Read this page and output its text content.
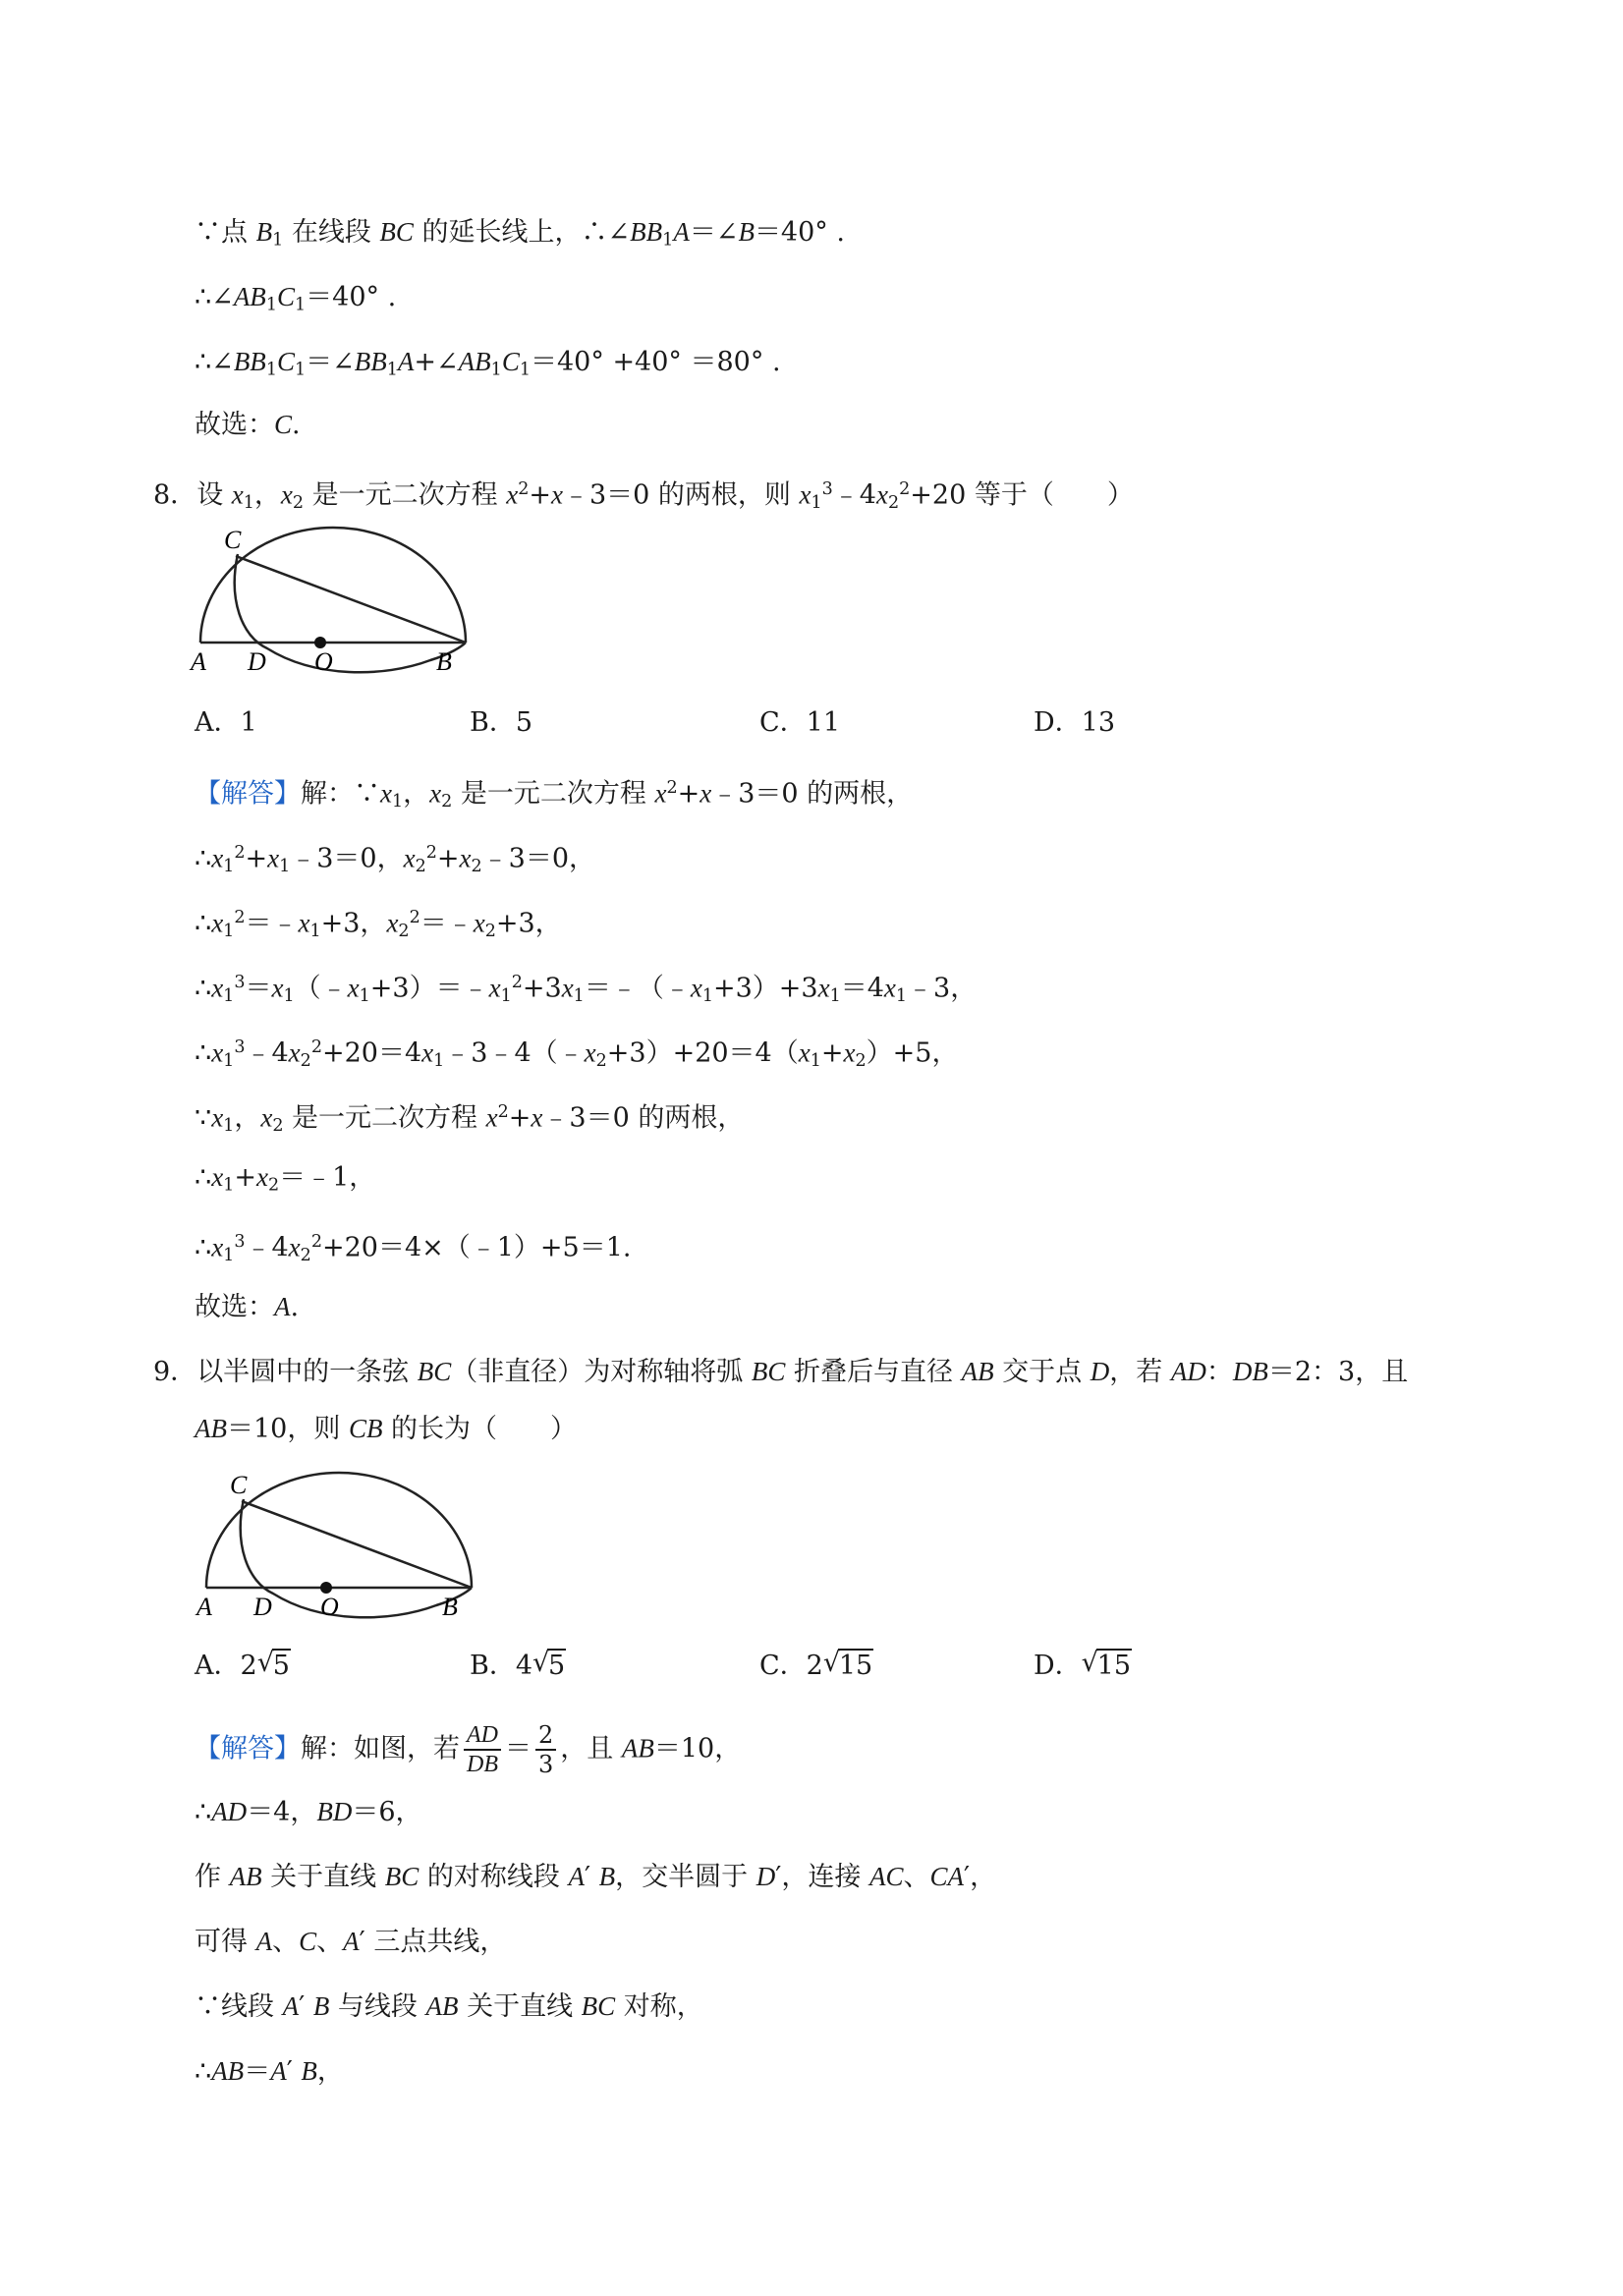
∵点 B1 在线段 BC 的延长线上，∴∠BB1A＝∠B＝40° .
∴∠AB1C1＝40° .
∴∠BB1C1＝∠BB1A+∠AB1C1＝40° +40° ＝80° .
故选：C.
8．设 x1，x2 是一元二次方程 $x^2+x﹣3=0$ 的两根，则 $x1^3﹣4x2^2+20$ 等于（　　）
C
A D O	B
A．1	B．5	C．11	D．13
【解答】解：∵x1，x2 是一元二次方程 $x^2+x﹣3=0$ 的两根，
$\therefore x1^2+x1﹣3=0$，$x2^2+x2﹣3=0$，
$\therefore x1^2=﹣x1+3$，$x2^2=﹣x2+3$，
$\therefore x1^3=x1(﹣x1+3)=﹣x1^2+3x1=﹣(﹣x1+3)+3x1=4x1﹣3$，
$\therefore x1^3﹣4x2^2+20=4x1﹣3﹣4(﹣x2+3)+20=4(x1+x2)+5$，
∵x1，x2 是一元二次方程 $x^2+x﹣3=0$ 的两根，
∴x1+x2＝﹣1，
$\therefore x1^3﹣4x2^2+20=4\times(﹣1)+5=1$.
故选：A.
9．以半圆中的一条弦 BC（非直径）为对称轴将弧 BC 折叠后与直径 AB 交于点 D，若 AD：DB＝2：3，且
AB＝10，则 CB 的长为（　　）
C
A D O	B
A．2 √ 5	B．4 √ 5	C．2 √ 15	D． √ 15
【解答】解：如图，若 $\frac{AD}{DB} = \frac{2}{3}$ ，且 AB＝10，
∴AD＝4，BD＝6，
作 AB 关于直线 BC 的对称线段 A′ B，交半圆于 D′，连接 AC、CA′，
可得 A、C、A′ 三点共线，
∵线段 A′ B 与线段 AB 关于直线 BC 对称，
∴AB＝A′ B，
